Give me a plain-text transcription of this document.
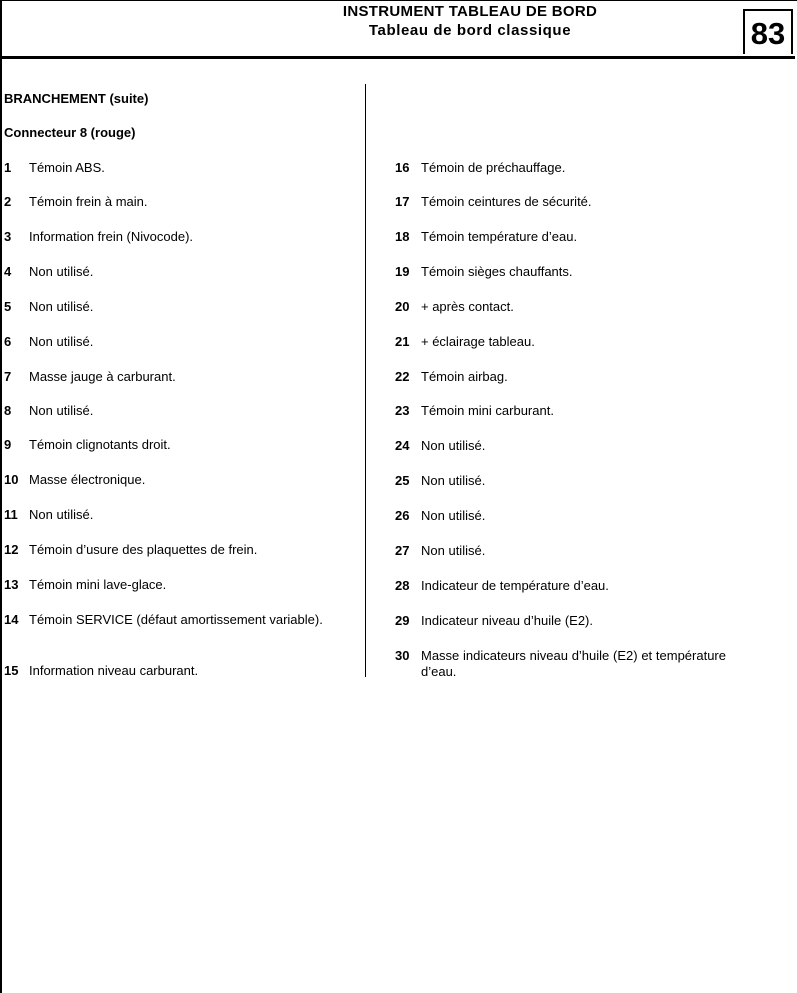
INSTRUMENT TABLEAU DE BORD
Tableau de bord classique	83
BRANCHEMENT (suite)
Connecteur 8 (rouge)
1 Témoin ABS.
2 Témoin frein à main.
3 Information frein (Nivocode).
4 Non utilisé.
5 Non utilisé.
6 Non utilisé.
7 Masse jauge à carburant.
8 Non utilisé.
9 Témoin clignotants droit.
10 Masse électronique.
11 Non utilisé.
12 Témoin d’usure des plaquettes de frein.
13 Témoin mini lave-glace.
14 Témoin SERVICE (défaut amortissement variable).
15 Information niveau carburant.
16 Témoin de préchauffage.
17 Témoin ceintures de sécurité.
18 Témoin température d’eau.
19 Témoin sièges chauffants.
20 + après contact.
21 + éclairage tableau.
22 Témoin airbag.
23 Témoin mini carburant.
24 Non utilisé.
25 Non utilisé.
26 Non utilisé.
27 Non utilisé.
28 Indicateur de température d’eau.
29 Indicateur niveau d’huile (E2).
30 Masse indicateurs niveau d’huile (E2) et température d’eau.
